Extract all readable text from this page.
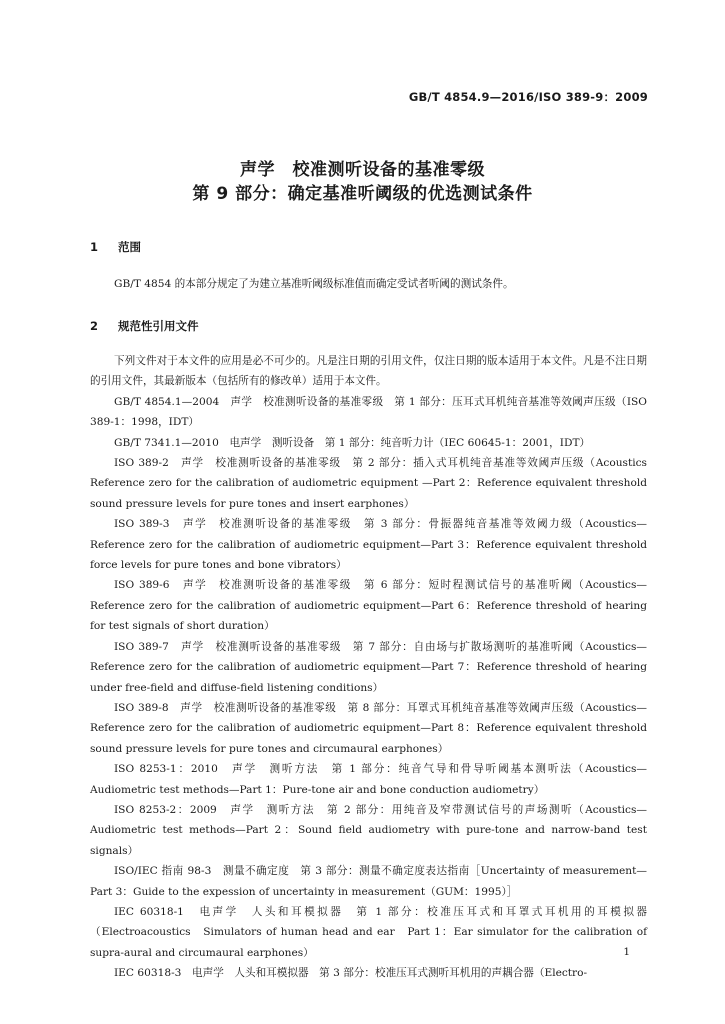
GB/T 4854.9—2016/ISO 389-9：2009
声学　校准测听设备的基准零级
第 9 部分：确定基准听阈级的优选测试条件
1 范围

GB/T 4854 的本部分规定了为建立基准听阈级标准值而确定受试者听阈的测试条件。

2 规范性引用文件

下列文件对于本文件的应用是必不可少的。凡是注日期的引用文件，仅注日期的版本适用于本文件。凡是不注日期的引用文件，其最新版本（包括所有的修改单）适用于本文件。

GB/T 4854.1—2004　声学　校准测听设备的基准零级　第 1 部分：压耳式耳机纯音基准等效阈声压级（ISO 389-1：1998，IDT）

GB/T 7341.1—2010　电声学　测听设备　第 1 部分：纯音听力计（IEC 60645-1：2001，IDT）

ISO 389-2　声学　校准测听设备的基准零级　第 2 部分：插入式耳机纯音基准等效阈声压级（Acoustics　Reference zero for the calibration of audiometric equipment —Part 2：Reference equivalent threshold sound pressure levels for pure tones and insert earphones）

ISO 389-3　声学　校准测听设备的基准零级　第 3 部分：骨振器纯音基准等效阈力级（Acoustics—Reference zero for the calibration of audiometric equipment—Part 3：Reference equivalent threshold force levels for pure tones and bone vibrators）

ISO 389-6　声学　校准测听设备的基准零级　第 6 部分：短时程测试信号的基准听阈（Acoustics—Reference zero for the calibration of audiometric equipment—Part 6：Reference threshold of hearing for test signals of short duration）

ISO 389-7　声学　校准测听设备的基准零级　第 7 部分：自由场与扩散场测听的基准听阈（Acoustics—Reference zero for the calibration of audiometric equipment—Part 7：Reference threshold of hearing under free-field and diffuse-field listening conditions）

ISO 389-8　声学　校准测听设备的基准零级　第 8 部分：耳罩式耳机纯音基准等效阈声压级（Acoustics—Reference zero for the calibration of audiometric equipment—Part 8：Reference equivalent threshold sound pressure levels for pure tones and circumaural earphones）

ISO 8253-1：2010　声学　测听方法　第 1 部分：纯音气导和骨导听阈基本测听法（Acoustics—Audiometric test methods—Part 1：Pure-tone air and bone conduction audiometry）

ISO 8253-2：2009　声学　测听方法　第 2 部分：用纯音及窄带测试信号的声场测听（Acoustics—Audiometric test methods—Part 2：Sound field audiometry with pure-tone and narrow-band test signals）

ISO/IEC 指南 98-3　测量不确定度　第 3 部分：测量不确定度表达指南［Uncertainty of measurement—Part 3：Guide to the expession of uncertainty in measurement（GUM：1995）］

IEC 60318-1　电声学　人头和耳模拟器　第 1 部分：校准压耳式和耳罩式耳机用的耳模拟器（Electroacoustics　Simulators of human head and ear　Part 1：Ear simulator for the calibration of supra-aural and circumaural earphones）

IEC 60318-3　电声学　人头和耳模拟器　第 3 部分：校准压耳式测听耳机用的声耦合器（Electro-

1
